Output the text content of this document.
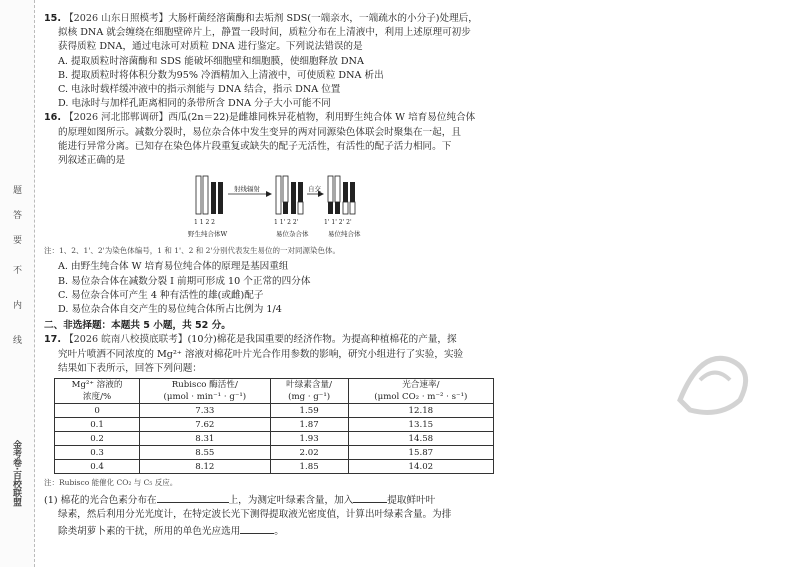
金考卷·百校联盟
线
内
不
要
答
题

15. 【2026 山东日照模考】大肠杆菌经溶菌酶和去垢剂 SDS(一端亲水，一端疏水的小分子)处理后，

拟核 DNA 就会缠绕在细胞壁碎片上，静置一段时间，质粒分布在上清液中，利用上述原理可初步

获得质粒 DNA，通过电泳可对质粒 DNA 进行鉴定。下列说法错误的是

A. 提取质粒时溶菌酶和 SDS 能破坏细胞壁和细胞膜，使细胞释放 DNA

B. 提取质粒时将体积分数为95% 冷酒精加入上清液中，可使质粒 DNA 析出

C. 电泳时载样缓冲液中的指示剂能与 DNA 结合，指示 DNA 位置

D. 电泳时与加样孔距离相同的条带所含 DNA 分子大小可能不同

16. 【2026 河北邯郸调研】西瓜(2n＝22)是雌雄同株异花植物，利用野生纯合体 W 培育易位纯合体

的原理如图所示。减数分裂时，易位杂合体中发生变异的两对同源染色体联会时聚集在一起，且

能进行异常分离。已知存在染色体片段重复或缺失的配子无活性，有活性的配子活力相同。下

列叙述正确的是

射线辐射	自交
1 1 2 2	1 1' 2 2'	1' 1' 2' 2'
野生纯合体W	易位杂合体	易位纯合体

注：1、2、1'、2'为染色体编号，1 和 1'、2 和 2'分别代表发生易位的一对同源染色体。

A. 由野生纯合体 W 培育易位纯合体的原理是基因重组

B. 易位杂合体在减数分裂 I 前期可形成 10 个正常的四分体

C. 易位杂合体可产生 4 种有活性的雄(或雌)配子

D. 易位杂合体自交产生的易位纯合体所占比例为 1/4

二、非选择题：本题共 5 小题，共 52 分。

17. 【2026 皖南八校摸底联考】(10分)棉花是我国重要的经济作物。为提高种植棉花的产量，探

究叶片喷洒不同浓度的 Mg²⁺ 溶液对棉花叶片光合作用参数的影响，研究小组进行了实验，实验

结果如下表所示，回答下列问题：

Mg²⁺ 溶液的
浓度/%	Rubisco 酶活性/
(μmol · min⁻¹ · g⁻¹)	叶绿素含量/
(mg · g⁻¹)	光合速率/
(μmol CO₂ · m⁻² · s⁻¹)
0	7.33	1.59	12.18
0.1	7.62	1.87	13.15
0.2	8.31	1.93	14.58
0.3	8.55	2.02	15.87
0.4	8.12	1.85	14.02

注：Rubisco 能催化 CO₂ 与 C₅ 反应。

(1) 棉花的光合色素分布在	上，为测定叶绿素含量，加入	提取鲜叶叶

绿素，然后利用分光光度计，在特定波长光下测得提取液光密度值，计算出叶绿素含量。为排

除类胡萝卜素的干扰，所用的单色光应选用	。
